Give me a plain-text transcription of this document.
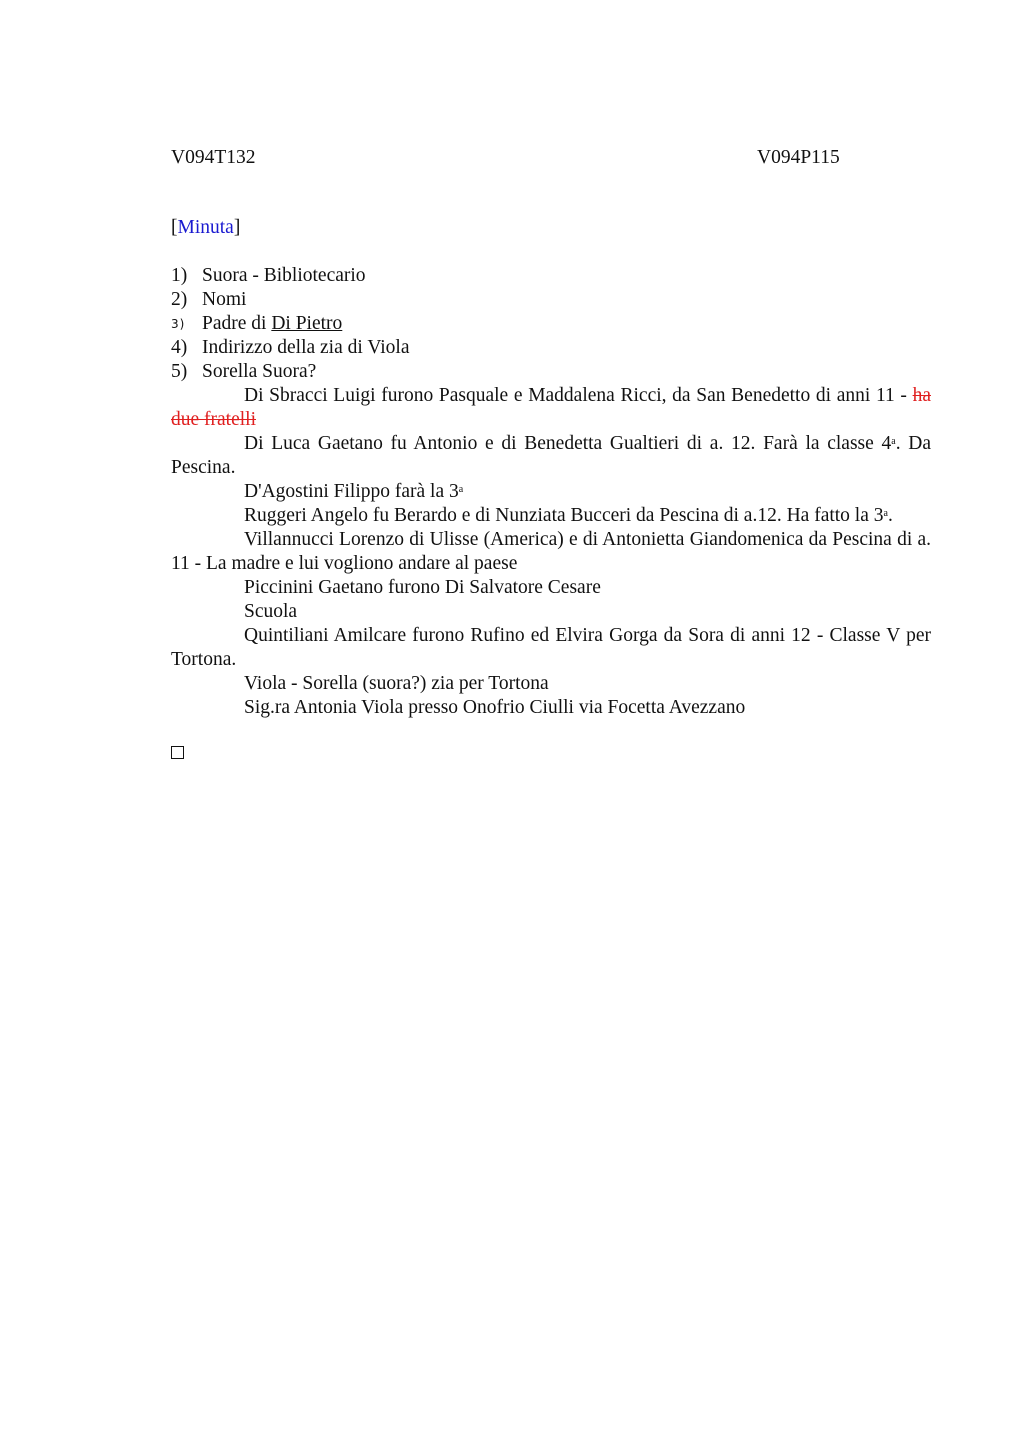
V094T132	V094P115
[Minuta]
1) Suora - Bibliotecario
2) Nomi
3) Padre di Di Pietro
4) Indirizzo della zia di Viola
5) Sorella Suora?

Di Sbracci Luigi furono Pasquale e Maddalena Ricci, da San Benedetto di anni 11 - ha due fratelli

Di Luca Gaetano fu Antonio e di Benedetta Gualtieri di a. 12. Farà la classe 4$^a$. Da Pescina.

D'Agostini Filippo farà la 3$^a$

Ruggeri Angelo fu Berardo e di Nunziata Bucceri da Pescina di a.12. Ha fatto la 3$^a$.

Villannucci Lorenzo di Ulisse (America) e di Antonietta Giandomenica da Pescina di a. 11 - La madre e lui vogliono andare al paese

Piccinini Gaetano furono Di Salvatore Cesare

Scuola

Quintiliani Amilcare furono Rufino ed Elvira Gorga da Sora di anni 12 - Classe V per Tortona.

Viola - Sorella (suora?) zia per Tortona

Sig.ra Antonia Viola presso Onofrio Ciulli via Focetta Avezzano
